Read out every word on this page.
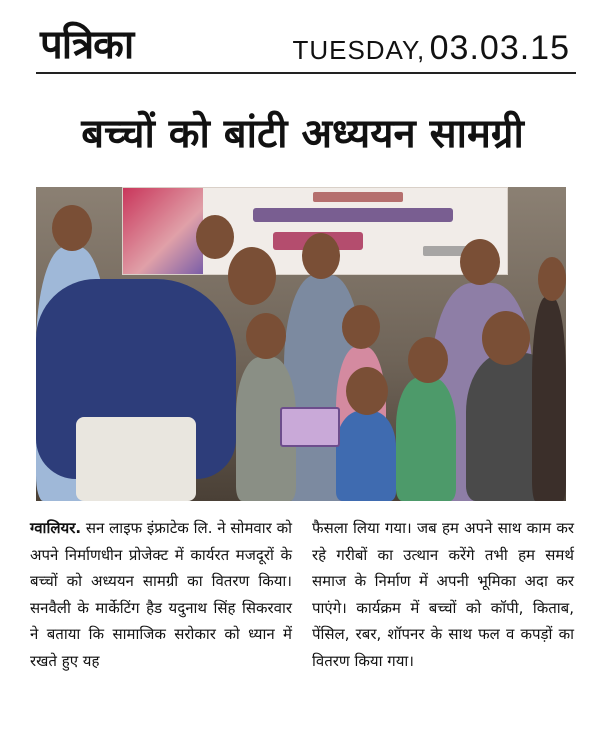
पत्रिका	TUESDAY, 03.03.15
बच्चों को बांटी अध्ययन सामग्री
ग्वालियर. सन लाइफ इंफ्राटेक लि. ने सोमवार को अपने निर्माणधीन प्रोजेक्ट में कार्यरत मजदूरों के बच्चों को अध्ययन सामग्री का वितरण किया। सनवैली के मार्केटिंग हैड यदुनाथ सिंह सिकरवार ने बताया कि सामाजिक सरोकार को ध्यान में रखते हुए यह
फैसला लिया गया। जब हम अपने साथ काम कर रहे गरीबों का उत्थान करेंगे तभी हम समर्थ समाज के निर्माण में अपनी भूमिका अदा कर पाएंगे। कार्यक्रम में बच्चों को कॉपी, किताब, पेंसिल, रबर, शॉपनर के साथ फल व कपड़ों का वितरण किया गया।
